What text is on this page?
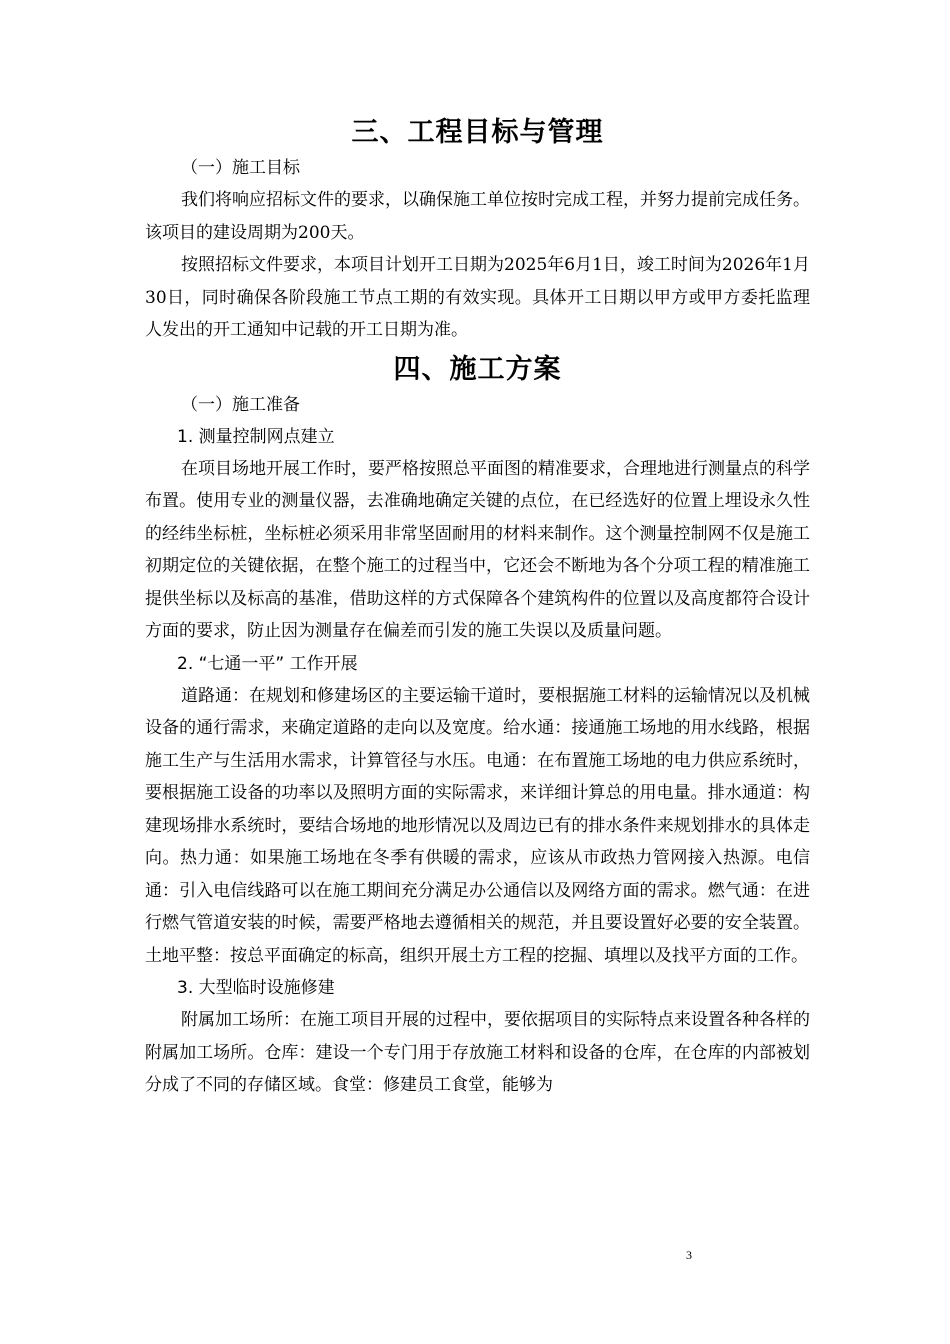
三、工程目标与管理
（一）施工目标

我们将响应招标文件的要求，以确保施工单位按时完成工程，并努力提前完成任务。该项目的建设周期为200天。

按照招标文件要求，本项目计划开工日期为2025年6月1日，竣工时间为2026年1月30日，同时确保各阶段施工节点工期的有效实现。具体开工日期以甲方或甲方委托监理人发出的开工通知中记载的开工日期为准。

四、施工方案
（一）施工准备
1. 测量控制网点建立

在项目场地开展工作时，要严格按照总平面图的精准要求，合理地进行测量点的科学布置。使用专业的测量仪器，去准确地确定关键的点位，在已经选好的位置上埋设永久性的经纬坐标桩，坐标桩必须采用非常坚固耐用的材料来制作。这个测量控制网不仅是施工初期定位的关键依据，在整个施工的过程当中，它还会不断地为各个分项工程的精准施工提供坐标以及标高的基准，借助这样的方式保障各个建筑构件的位置以及高度都符合设计方面的要求，防止因为测量存在偏差而引发的施工失误以及质量问题。

2. “七通一平” 工作开展

道路通：在规划和修建场区的主要运输干道时，要根据施工材料的运输情况以及机械设备的通行需求，来确定道路的走向以及宽度。给水通：接通施工场地的用水线路，根据施工生产与生活用水需求，计算管径与水压。电通：在布置施工场地的电力供应系统时，要根据施工设备的功率以及照明方面的实际需求，来详细计算总的用电量。排水通道：构建现场排水系统时，要结合场地的地形情况以及周边已有的排水条件来规划排水的具体走向。热力通：如果施工场地在冬季有供暖的需求，应该从市政热力管网接入热源。电信通：引入电信线路可以在施工期间充分满足办公通信以及网络方面的需求。燃气通：在进行燃气管道安装的时候，需要严格地去遵循相关的规范，并且要设置好必要的安全装置。土地平整：按总平面确定的标高，组织开展土方工程的挖掘、填埋以及找平方面的工作。

3. 大型临时设施修建

附属加工场所：在施工项目开展的过程中，要依据项目的实际特点来设置各种各样的附属加工场所。仓库：建设一个专门用于存放施工材料和设备的仓库，在仓库的内部被划分成了不同的存储区域。食堂：修建员工食堂，能够为

3
